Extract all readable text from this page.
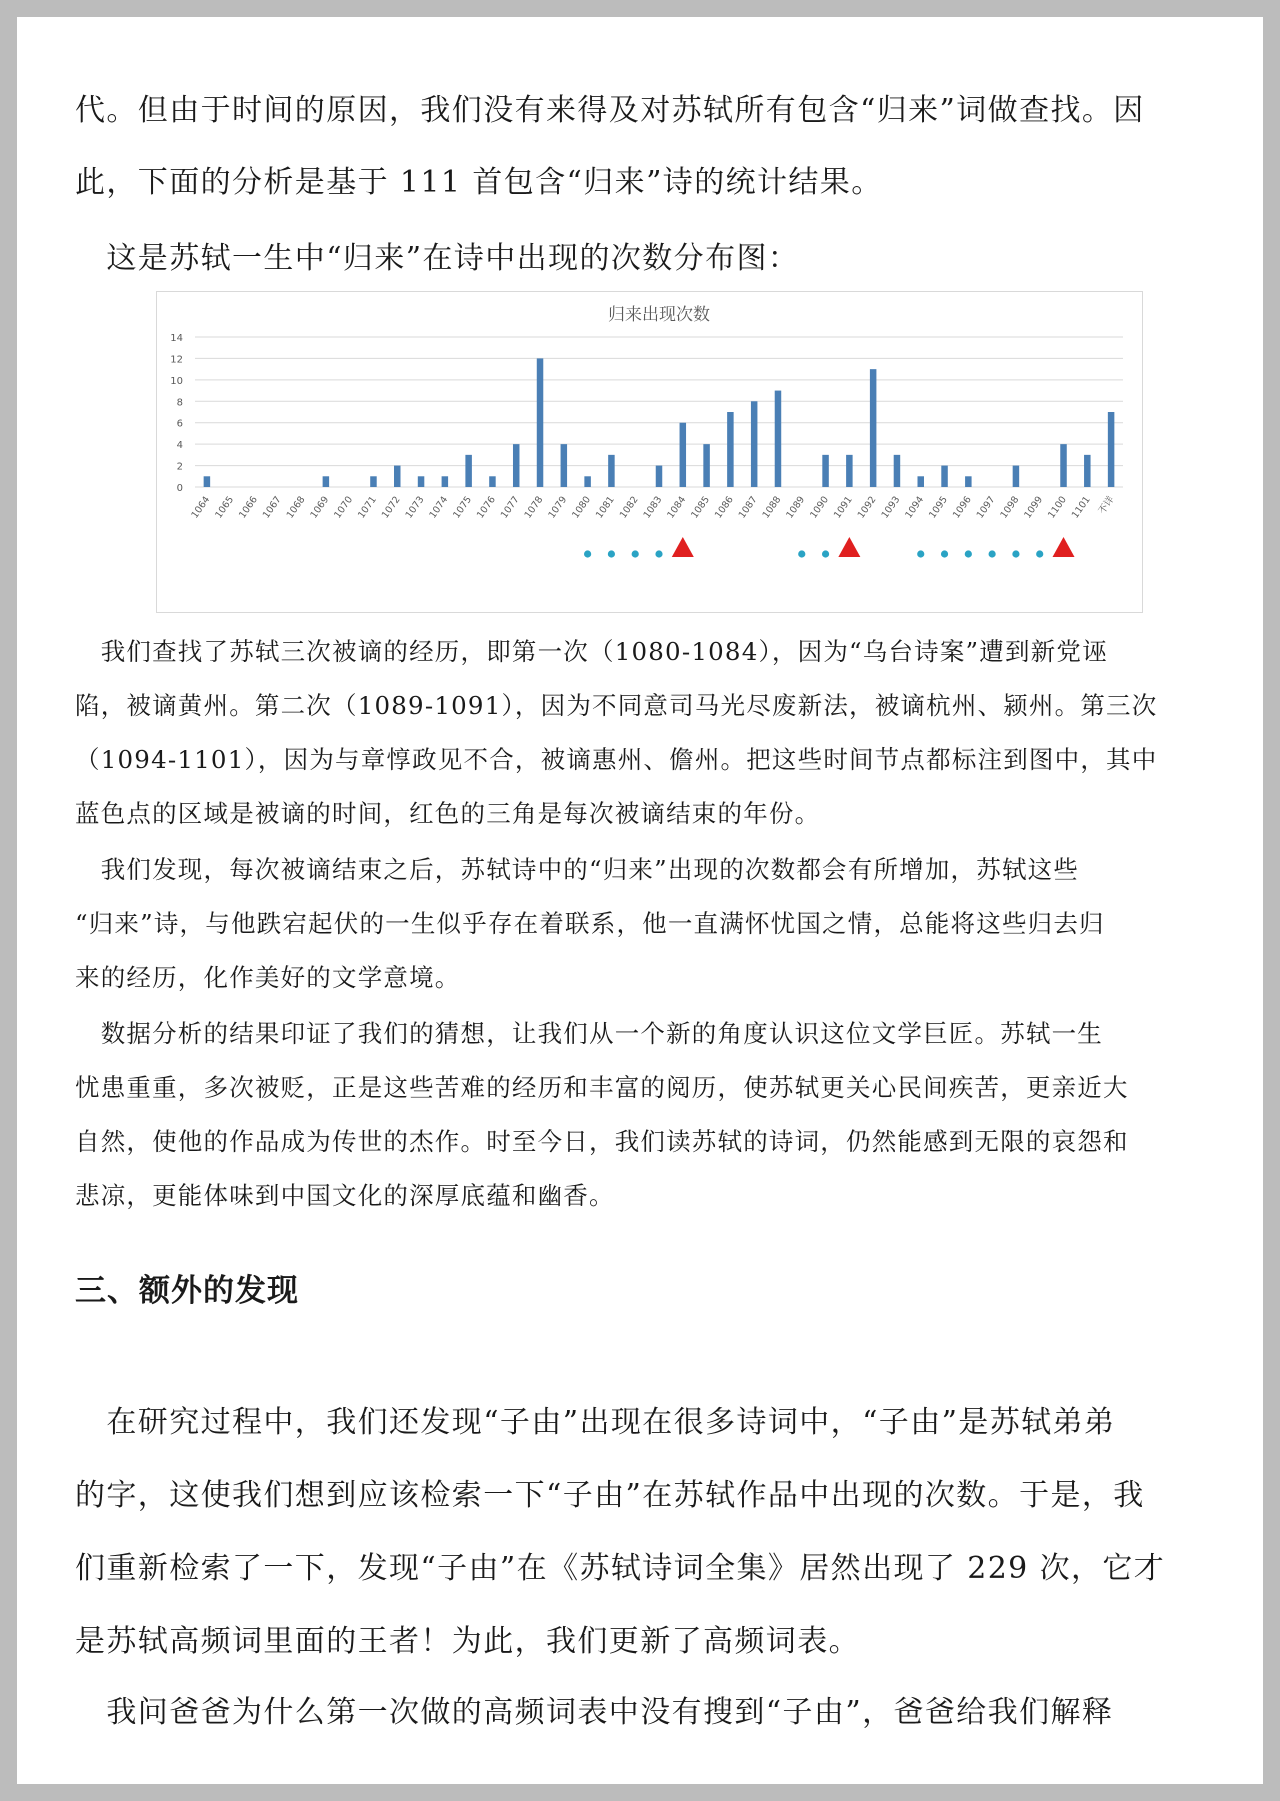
代。但由于时间的原因，我们没有来得及对苏轼所有包含“归来”词做查找。因

此，下面的分析是基于 111 首包含“归来”诗的统计结果。

　这是苏轼一生中“归来”在诗中出现的次数分布图：

归来出现次数
0
2
4
6
8
10
12
14
1064 1065 1066 1067 1068 1069 1070 1071 1072 1073 1074 1075 1076 1077 1078 1079 1080 1081 1082 1083 1084 1085 1086 1087 1088 1089 1090 1091 1092 1093 1094 1095 1096 1097 1098 1099 1100 1101 不详

　我们查找了苏轼三次被谪的经历，即第一次（1080-1084），因为“乌台诗案”遭到新党诬

陷，被谪黄州。第二次（1089-1091），因为不同意司马光尽废新法，被谪杭州、颍州。第三次

（1094-1101），因为与章惇政见不合，被谪惠州、儋州。把这些时间节点都标注到图中，其中

蓝色点的区域是被谪的时间，红色的三角是每次被谪结束的年份。

　我们发现，每次被谪结束之后，苏轼诗中的“归来”出现的次数都会有所增加，苏轼这些

“归来”诗，与他跌宕起伏的一生似乎存在着联系，他一直满怀忧国之情，总能将这些归去归

来的经历，化作美好的文学意境。

　数据分析的结果印证了我们的猜想，让我们从一个新的角度认识这位文学巨匠。苏轼一生

忧患重重，多次被贬，正是这些苦难的经历和丰富的阅历，使苏轼更关心民间疾苦，更亲近大

自然，使他的作品成为传世的杰作。时至今日，我们读苏轼的诗词，仍然能感到无限的哀怨和

悲凉，更能体味到中国文化的深厚底蕴和幽香。

三、额外的发现

　在研究过程中，我们还发现“子由”出现在很多诗词中，“子由”是苏轼弟弟

的字，这使我们想到应该检索一下“子由”在苏轼作品中出现的次数。于是，我

们重新检索了一下，发现“子由”在《苏轼诗词全集》居然出现了 229 次，它才

是苏轼高频词里面的王者！为此，我们更新了高频词表。

　我问爸爸为什么第一次做的高频词表中没有搜到“子由”，爸爸给我们解释
